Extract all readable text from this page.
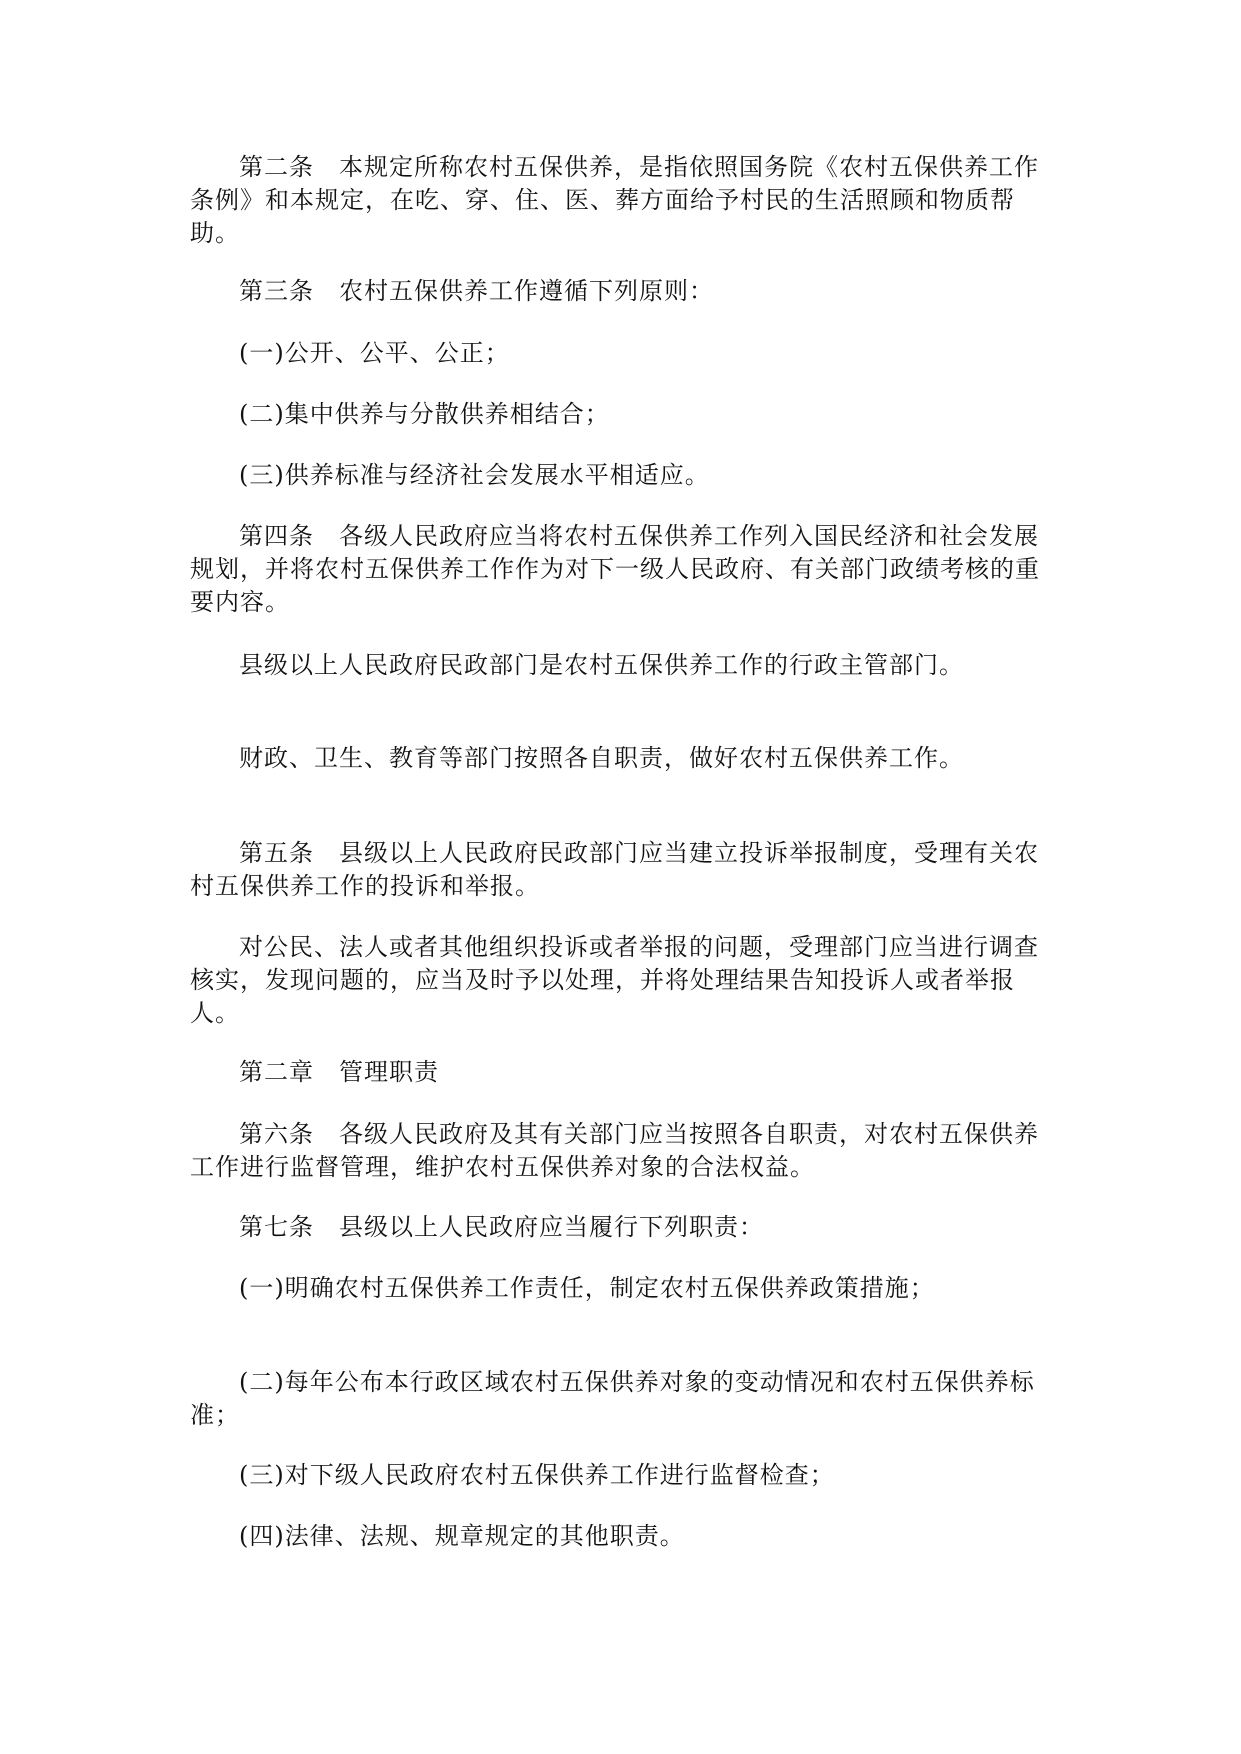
第二条　本规定所称农村五保供养，是指依照国务院《农村五保供养工作条例》和本规定，在吃、穿、住、医、葬方面给予村民的生活照顾和物质帮助。

第三条　农村五保供养工作遵循下列原则：

(一)公开、公平、公正；

(二)集中供养与分散供养相结合；

(三)供养标准与经济社会发展水平相适应。

第四条　各级人民政府应当将农村五保供养工作列入国民经济和社会发展规划，并将农村五保供养工作作为对下一级人民政府、有关部门政绩考核的重要内容。

县级以上人民政府民政部门是农村五保供养工作的行政主管部门。

财政、卫生、教育等部门按照各自职责，做好农村五保供养工作。

第五条　县级以上人民政府民政部门应当建立投诉举报制度，受理有关农村五保供养工作的投诉和举报。

对公民、法人或者其他组织投诉或者举报的问题，受理部门应当进行调查核实，发现问题的，应当及时予以处理，并将处理结果告知投诉人或者举报人。

第二章　管理职责

第六条　各级人民政府及其有关部门应当按照各自职责，对农村五保供养工作进行监督管理，维护农村五保供养对象的合法权益。

第七条　县级以上人民政府应当履行下列职责：

(一)明确农村五保供养工作责任，制定农村五保供养政策措施；

(二)每年公布本行政区域农村五保供养对象的变动情况和农村五保供养标准；

(三)对下级人民政府农村五保供养工作进行监督检查；

(四)法律、法规、规章规定的其他职责。
